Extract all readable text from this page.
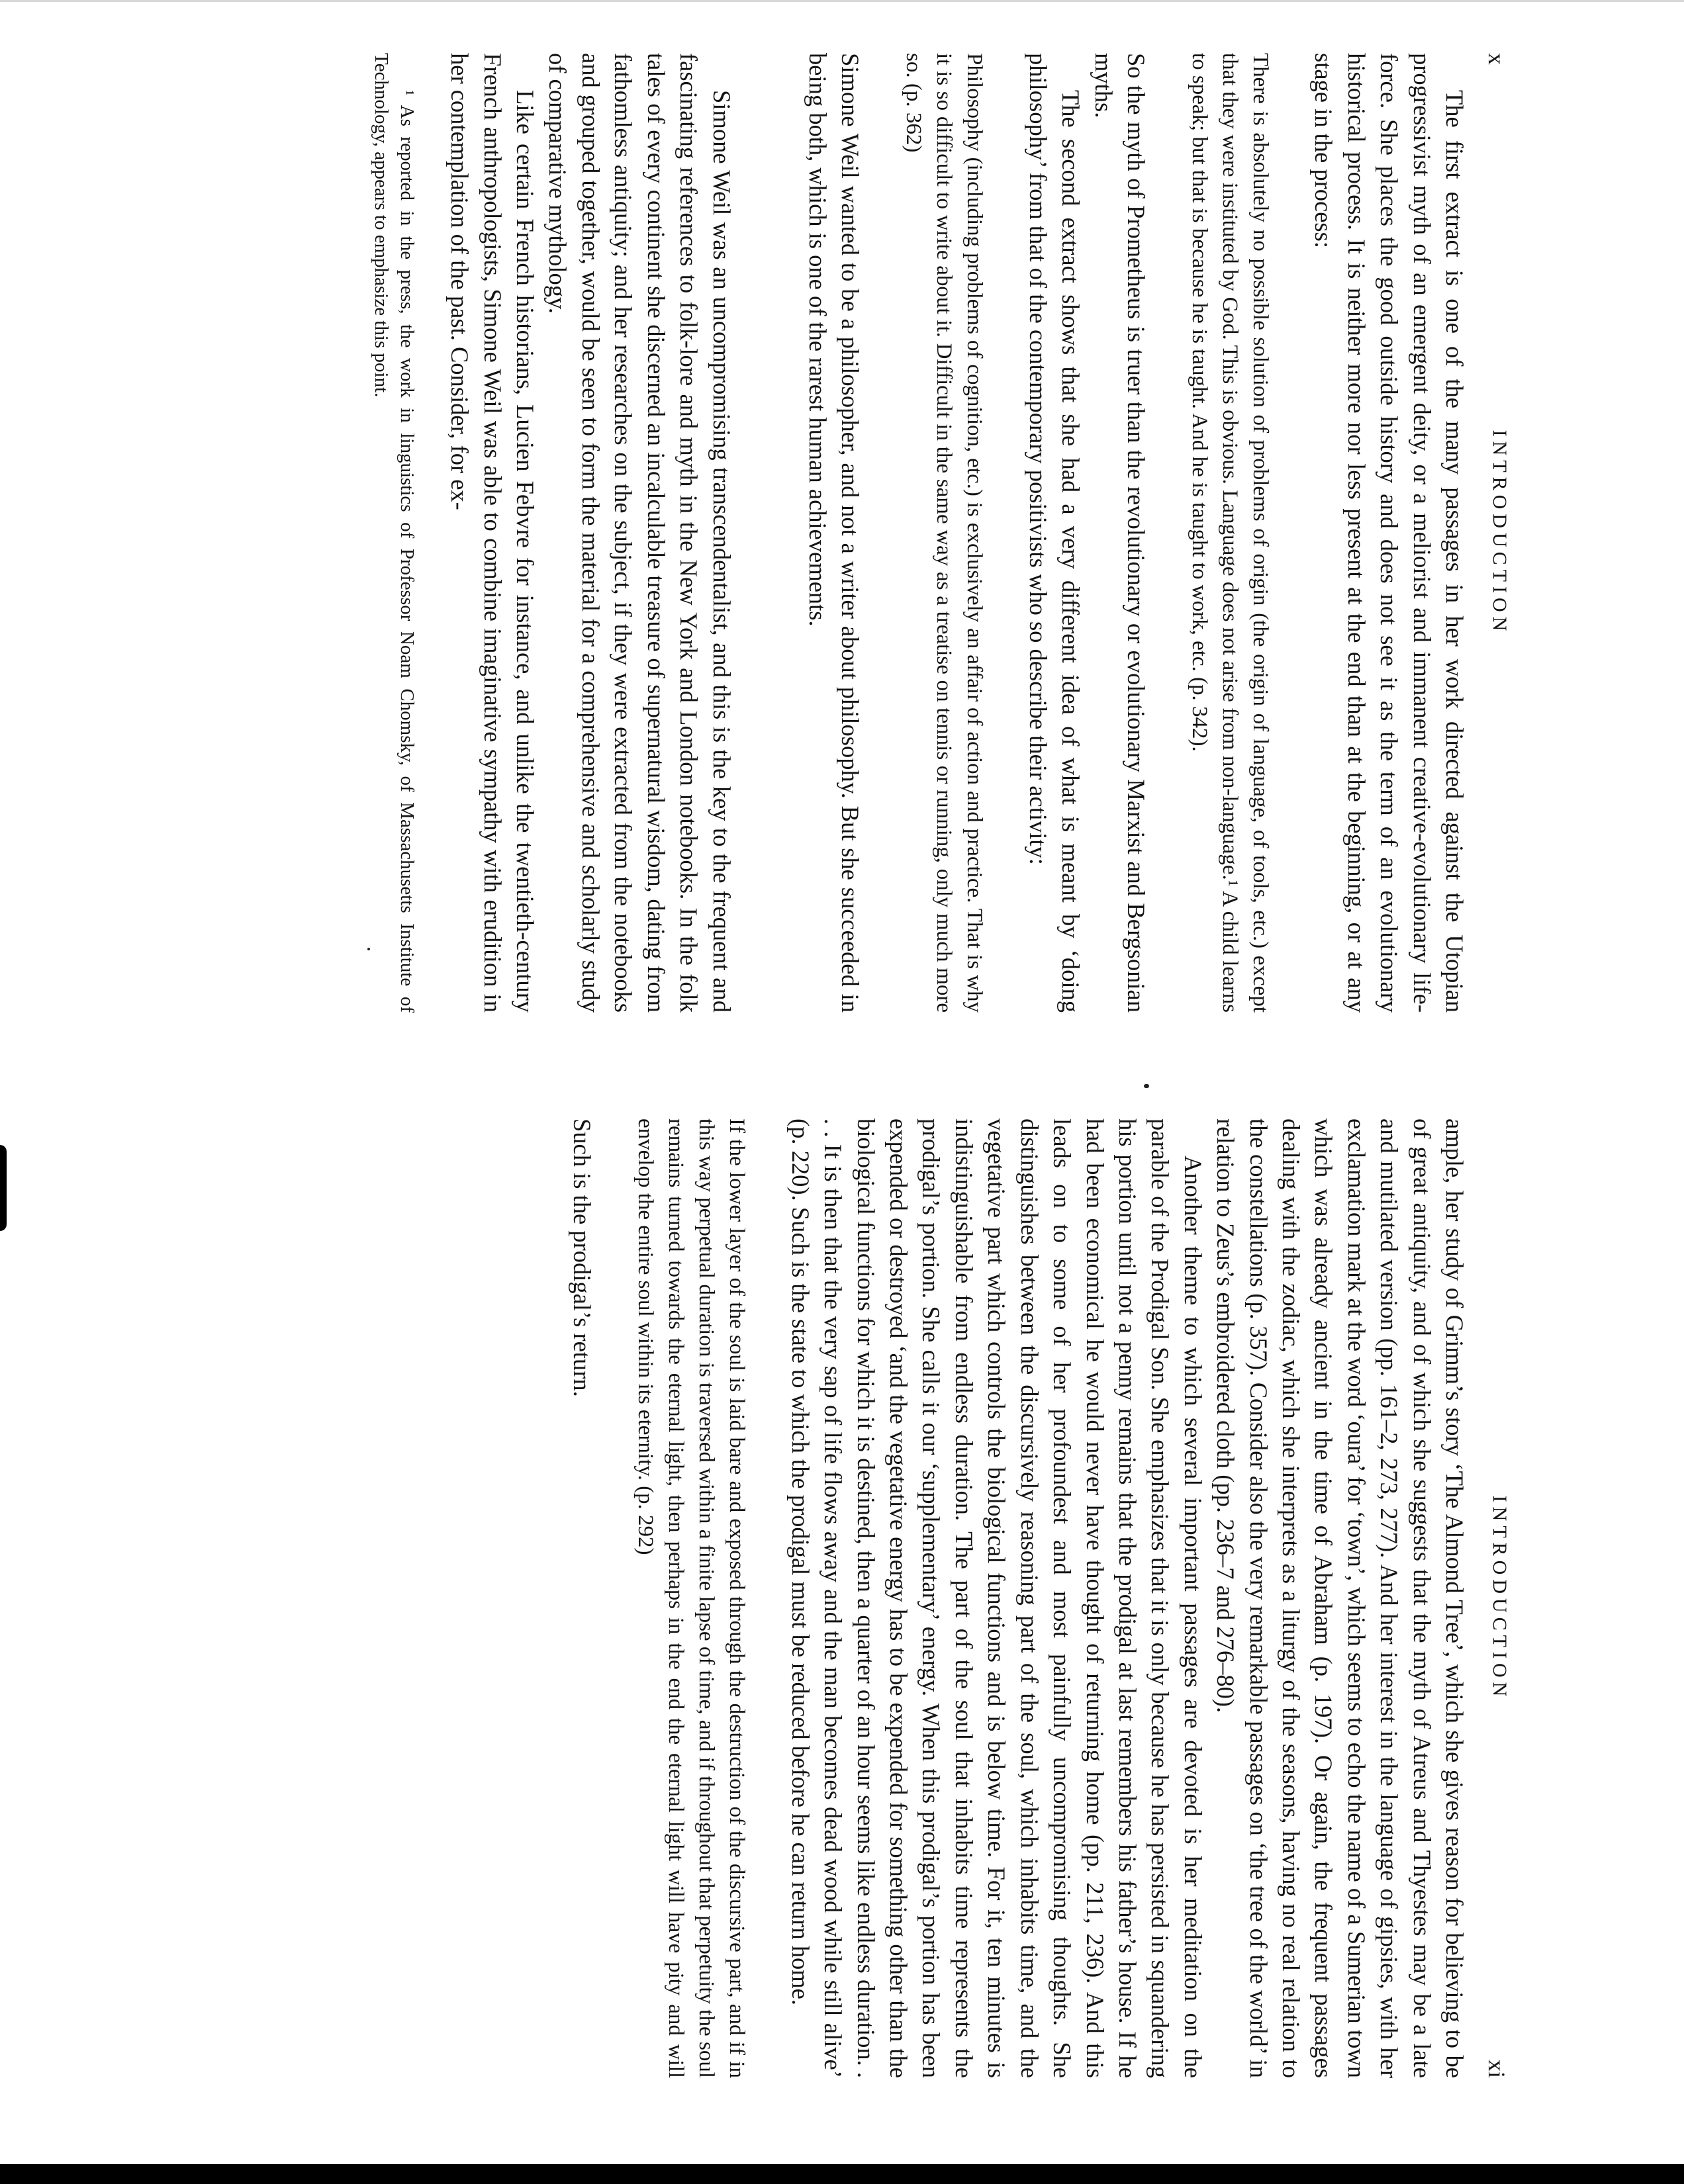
x
INTRODUCTION

The first extract is one of the many passages in her work directed against the Utopian progressivist myth of an emergent deity, or a meliorist and immanent creative-evolutionary life-force. She places the good outside history and does not see it as the term of an evolutionary historical process. It is neither more nor less present at the end than at the beginning, or at any stage in the process:

There is absolutely no possible solution of problems of origin (the origin of language, of tools, etc.) except that they were instituted by God. This is obvious. Language does not arise from non-language.¹ A child learns to speak; but that is because he is taught. And he is taught to work, etc. (p. 342).

So the myth of Prometheus is truer than the revolutionary or evolutionary Marxist and Bergsonian myths.

The second extract shows that she had a very different idea of what is meant by ‘doing philosophy’ from that of the contemporary positivists who so describe their activity:

Philosophy (including problems of cognition, etc.) is exclusively an affair of action and practice. That is why it is so difficult to write about it. Difficult in the same way as a treatise on tennis or running, only much more so. (p. 362)

Simone Weil wanted to be a philosopher, and not a writer about philosophy. But she succeeded in being both, which is one of the rarest human achievements.

Simone Weil was an uncompromising transcendentalist, and this is the key to the frequent and fascinating references to folk-lore and myth in the New York and London notebooks. In the folk tales of every continent she discerned an incalculable treasure of supernatural wisdom, dating from fathomless antiquity; and her researches on the subject, if they were extracted from the notebooks and grouped together, would be seen to form the material for a comprehensive and scholarly study of comparative mythology.

Like certain French historians, Lucien Febvre for instance, and unlike the twentieth-century French anthropologists, Simone Weil was able to combine imaginative sympathy with erudition in her contemplation of the past. Consider, for ex-

¹ As reported in the press, the work in linguistics of Professor Noam Chomsky, of Massachusetts Institute of Technology, appears to emphasize this point.
INTRODUCTION
xi

ample, her study of Grimm’s story ‘The Almond Tree’, which she gives reason for believing to be of great antiquity, and of which she suggests that the myth of Atreus and Thyestes may be a late and mutilated version (pp. 161–2, 273, 277). And her interest in the language of gipsies, with her exclamation mark at the word ‘oura’ for ‘town’, which seems to echo the name of a Sumerian town which was already ancient in the time of Abraham (p. 197). Or again, the frequent passages dealing with the zodiac, which she interprets as a liturgy of the seasons, having no real relation to the constellations (p. 357). Consider also the very remarkable passages on ‘the tree of the world’ in relation to Zeus’s embroidered cloth (pp. 236–7 and 276–80).

Another theme to which several important passages are devoted is her meditation on the parable of the Prodigal Son. She emphasizes that it is only because he has persisted in squandering his portion until not a penny remains that the prodigal at last remembers his father’s house. If he had been economical he would never have thought of returning home (pp. 211, 236). And this leads on to some of her profoundest and most painfully uncompromising thoughts. She distinguishes between the discursively reasoning part of the soul, which inhabits time, and the vegetative part which controls the biological functions and is below time. For it, ten minutes is indistinguishable from endless duration. The part of the soul that inhabits time represents the prodigal’s portion. She calls it our ‘supplementary’ energy. When this prodigal’s portion has been expended or destroyed ‘and the vegetative energy has to be expended for something other than the biological functions for which it is destined, then a quarter of an hour seems like endless duration. . . . It is then that the very sap of life flows away and the man becomes dead wood while still alive’ (p. 220). Such is the state to which the prodigal must be reduced before he can return home.

If the lower layer of the soul is laid bare and exposed through the destruction of the discursive part, and if in this way perpetual duration is traversed within a finite lapse of time, and if throughout that perpetuity the soul remains turned towards the eternal light, then perhaps in the end the eternal light will have pity and will envelop the entire soul within its eternity. (p. 292)

Such is the prodigal’s return.
